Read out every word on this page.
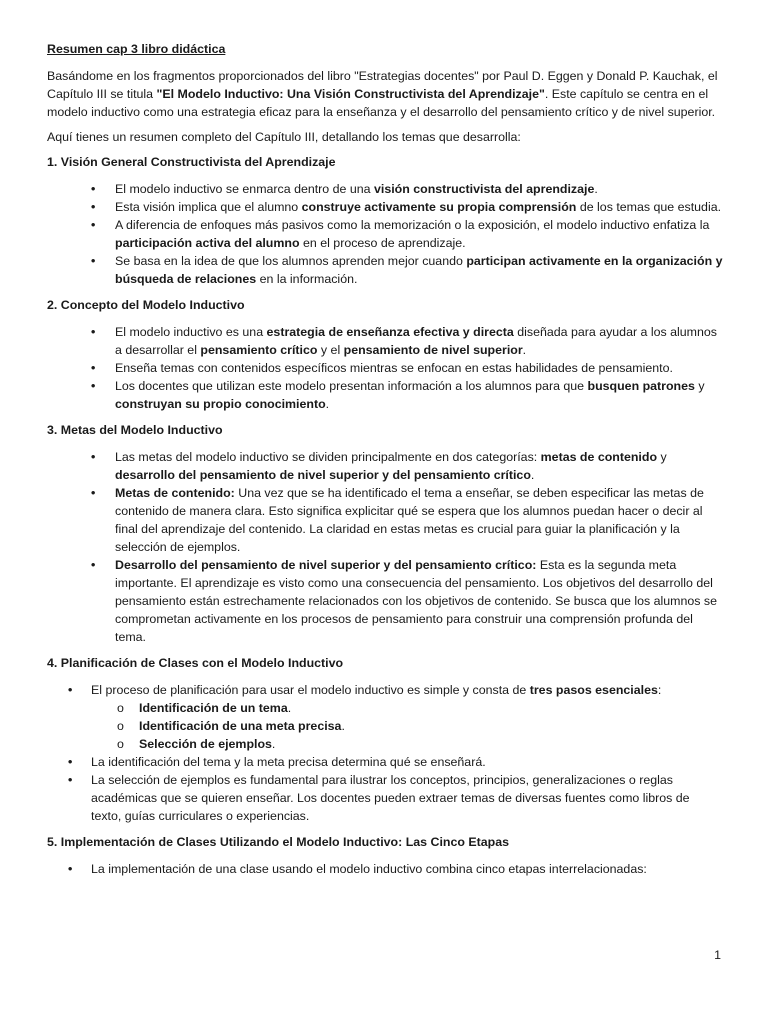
Resumen cap 3 libro didáctica

Basándome en los fragmentos proporcionados del libro "Estrategias docentes" por Paul D. Eggen y Donald P. Kauchak, el Capítulo III se titula "El Modelo Inductivo: Una Visión Constructivista del Aprendizaje". Este capítulo se centra en el modelo inductivo como una estrategia eficaz para la enseñanza y el desarrollo del pensamiento crítico y de nivel superior.

Aquí tienes un resumen completo del Capítulo III, detallando los temas que desarrolla:

1. Visión General Constructivista del Aprendizaje
• El modelo inductivo se enmarca dentro de una visión constructivista del aprendizaje.
• Esta visión implica que el alumno construye activamente su propia comprensión de los temas que estudia.
• A diferencia de enfoques más pasivos como la memorización o la exposición, el modelo inductivo enfatiza la participación activa del alumno en el proceso de aprendizaje.
• Se basa en la idea de que los alumnos aprenden mejor cuando participan activamente en la organización y búsqueda de relaciones en la información.
2. Concepto del Modelo Inductivo
• El modelo inductivo es una estrategia de enseñanza efectiva y directa diseñada para ayudar a los alumnos a desarrollar el pensamiento crítico y el pensamiento de nivel superior.
• Enseña temas con contenidos específicos mientras se enfocan en estas habilidades de pensamiento.
• Los docentes que utilizan este modelo presentan información a los alumnos para que busquen patrones y construyan su propio conocimiento.
3. Metas del Modelo Inductivo
• Las metas del modelo inductivo se dividen principalmente en dos categorías: metas de contenido y desarrollo del pensamiento de nivel superior y del pensamiento crítico.
• Metas de contenido: Una vez que se ha identificado el tema a enseñar, se deben especificar las metas de contenido de manera clara. Esto significa explicitar qué se espera que los alumnos puedan hacer o decir al final del aprendizaje del contenido. La claridad en estas metas es crucial para guiar la planificación y la selección de ejemplos.
• Desarrollo del pensamiento de nivel superior y del pensamiento crítico: Esta es la segunda meta importante. El aprendizaje es visto como una consecuencia del pensamiento. Los objetivos del desarrollo del pensamiento están estrechamente relacionados con los objetivos de contenido. Se busca que los alumnos se comprometan activamente en los procesos de pensamiento para construir una comprensión profunda del tema.
4. Planificación de Clases con el Modelo Inductivo
• El proceso de planificación para usar el modelo inductivo es simple y consta de tres pasos esenciales:
o Identificación de un tema.
o Identificación de una meta precisa.
o Selección de ejemplos.
• La identificación del tema y la meta precisa determina qué se enseñará.
• La selección de ejemplos es fundamental para ilustrar los conceptos, principios, generalizaciones o reglas académicas que se quieren enseñar. Los docentes pueden extraer temas de diversas fuentes como libros de texto, guías curriculares o experiencias.
5. Implementación de Clases Utilizando el Modelo Inductivo: Las Cinco Etapas
• La implementación de una clase usando el modelo inductivo combina cinco etapas interrelacionadas:
1
